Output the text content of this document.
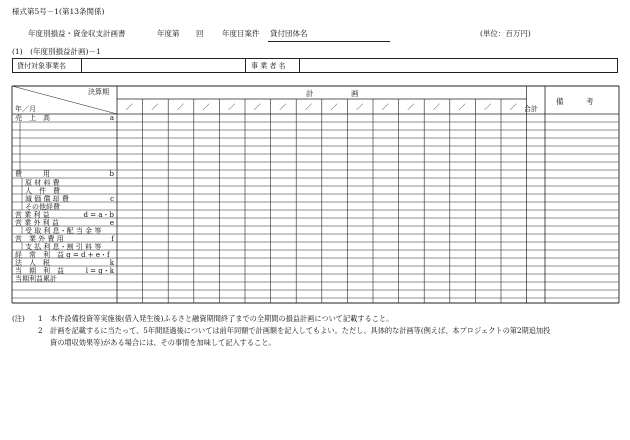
様式第5号－1(第13条関係)
年度別損益・資金収支計画書	年度第 回 年度目案件 貸付団体名	(単位：百万円)
(1)　(年度別損益計画)－1
貸付対象事業名	事 業 者 名
決算期
年／月
計　　　　　画
合計
備　　　考
／	／	／	／	／	／	／	／	／	／	／	／	／	／	／	／
売　上　高	a
費　　　用	b
原 材 料 費
人　件　費
減 価 償 却 費	c
その他経費
営 業 利 益	d = a・b
営 業 外 利 益	e
受 取 利 息・配 当 金 等
営　業 外 費 用	f
支 払 利 息・割 引 料 等
経　常　利　益 g = d + e・f
法　人　税	k
当　期　利　益	l = g・k
当期利益累計
(注) 1 本件設備投資等実施後(借入発生後)ふるさと融資期間終了までの全期間の損益計画について記載すること。
2 計画を記載するに当たって、5年間経過後については前年同額で計画額を記入してもよい。ただし、具体的な計画等(例えば、本プロジェクトの第2期追加投
資の増収効果等)がある場合には、その事情を加味して記入すること。
